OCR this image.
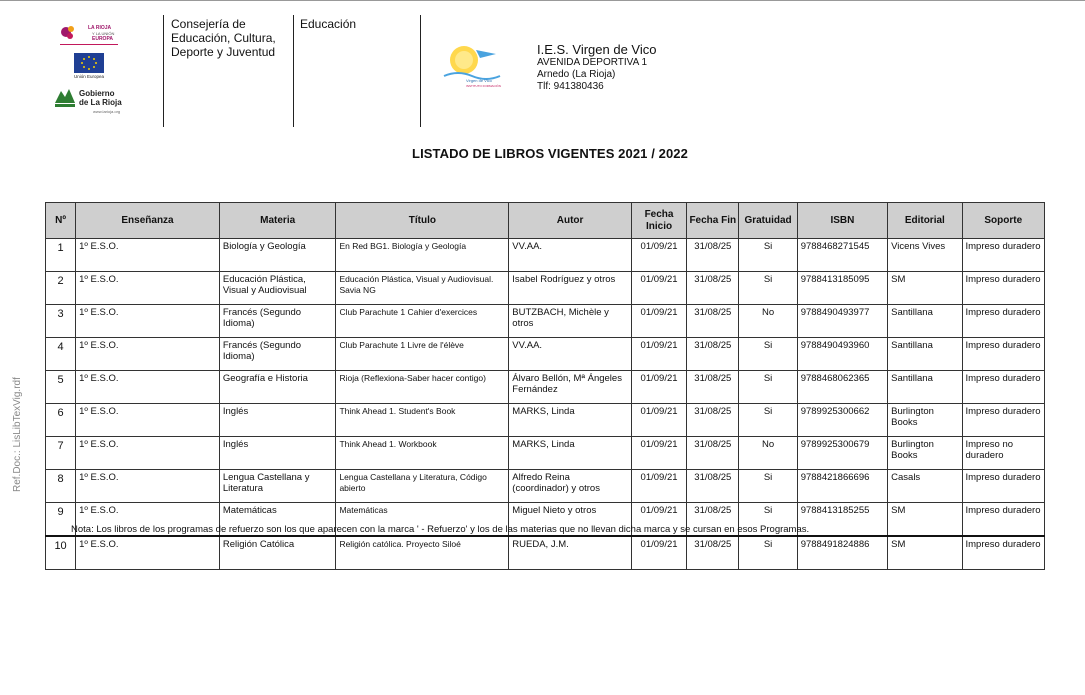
LA RIOJA
Y LA UNIÓN
EUROPA
Unión Europea
Gobierno
de La Rioja
www.larioja.org
Consejería de Educación, Cultura, Deporte y Juventud
Educación
Virgen de Vico
INSTITUTO FORMACIÓN
I.E.S. Virgen de Vico
AVENIDA DEPORTIVA 1
Arnedo (La Rioja)
Tlf: 941380436
LISTADO DE LIBROS VIGENTES 2021 / 2022
Ref.Doc.: LisLibTexVig.rdf
Nº	Enseñanza	Materia	Título	Autor	Fecha Inicio	Fecha Fin	Gratuidad	ISBN	Editorial	Soporte
1	1º E.S.O.	Biología y Geología	En Red BG1. Biología y Geología	VV.AA.	01/09/21	31/08/25	Si	9788468271545	Vicens Vives	Impreso duradero
2	1º E.S.O.	Educación Plástica, Visual y Audiovisual	Educación Plástica, Visual y Audiovisual. Savia NG	Isabel Rodríguez y otros	01/09/21	31/08/25	Si	9788413185095	SM	Impreso duradero
3	1º E.S.O.	Francés (Segundo Idioma)	Club Parachute 1 Cahier d'exercices	BUTZBACH, Michèle y otros	01/09/21	31/08/25	No	9788490493977	Santillana	Impreso duradero
4	1º E.S.O.	Francés (Segundo Idioma)	Club Parachute 1 Livre de l'élève	VV.AA.	01/09/21	31/08/25	Si	9788490493960	Santillana	Impreso duradero
5	1º E.S.O.	Geografía e Historia	Rioja (Reflexiona-Saber hacer contigo)	Álvaro Bellón, Mª Ángeles Fernández	01/09/21	31/08/25	Si	9788468062365	Santillana	Impreso duradero
6	1º E.S.O.	Inglés	Think Ahead 1. Student's Book	MARKS, Linda	01/09/21	31/08/25	Si	9789925300662	Burlington Books	Impreso duradero
7	1º E.S.O.	Inglés	Think Ahead 1. Workbook	MARKS, Linda	01/09/21	31/08/25	No	9789925300679	Burlington Books	Impreso no duradero
8	1º E.S.O.	Lengua Castellana y Literatura	Lengua Castellana y Literatura, Código abierto	Alfredo Reina (coordinador) y otros	01/09/21	31/08/25	Si	9788421866696	Casals	Impreso duradero
9	1º E.S.O.	Matemáticas	Matemáticas	Miguel Nieto y otros	01/09/21	31/08/25	Si	9788413185255	SM	Impreso duradero
10	1º E.S.O.	Religión Católica	Religión católica. Proyecto Siloé	RUEDA, J.M.	01/09/21	31/08/25	Si	9788491824886	SM	Impreso duradero
Nota: Los libros de los programas de refuerzo son los que aparecen con la marca ' - Refuerzo' y los de las materias que no llevan dicha marca y se cursan en esos Programas.
